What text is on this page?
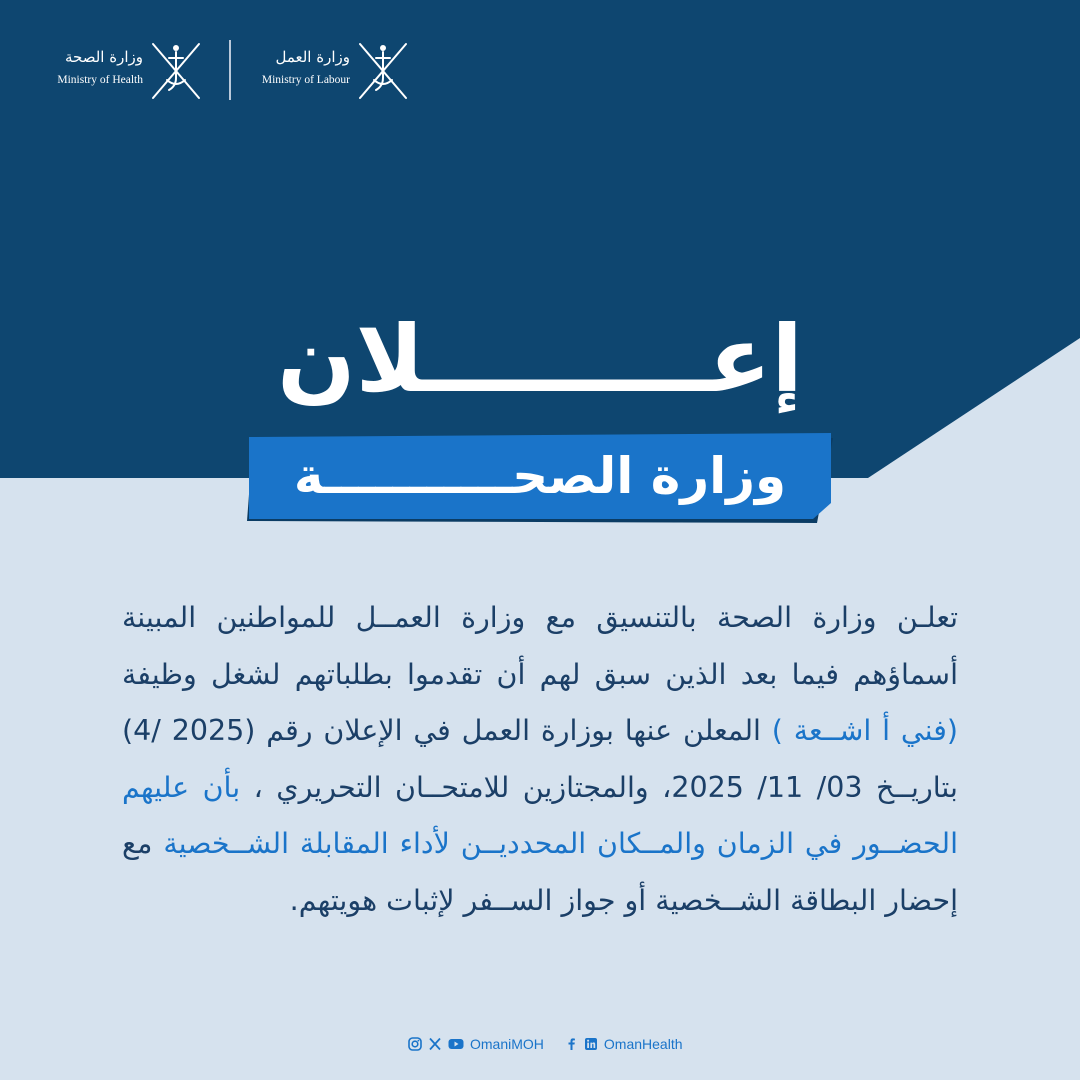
وزارة العمل
Ministry of Labour
وزارة الصحة
Ministry of Health
إعـــــــــلان
وزارة الصحـــــــــــة
تعلـن وزارة الصحة بالتنسيق مع وزارة العمــل للمواطنين المبينة أسماؤهم فيما بعد الذين سبق لهم أن تقدموا بطلباتهم لشغل وظيفة (فني أ اشــعة ) المعلن عنها بوزارة العمل في الإعلان رقم ‎(4/ 2025)‏ بتاريــخ 03/ 11/ 2025، والمجتازين للامتحــان التحريري ، بأن عليهم الحضــور في الزمان والمــكان المحدديــن لأداء المقابلة الشــخصية مع إحضار البطاقة الشــخصية أو جواز الســفر لإثبات هويتهم.
OmaniMOH	OmanHealth
